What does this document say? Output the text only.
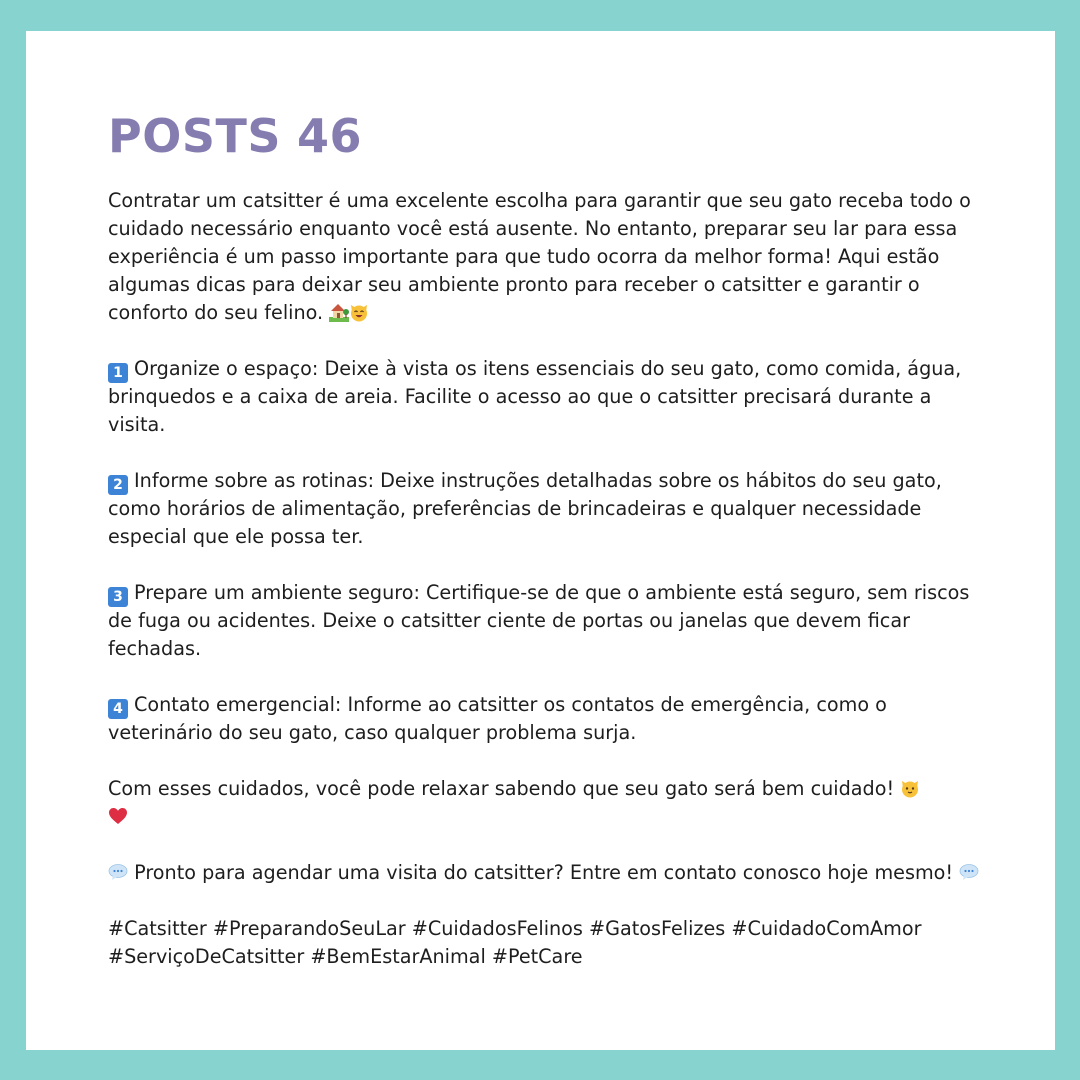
POSTS 46

Contratar um catsitter é uma excelente escolha para garantir que seu gato receba todo o cuidado necessário enquanto você está ausente. No entanto, preparar seu lar para essa experiência é um passo importante para que tudo ocorra da melhor forma! Aqui estão algumas dicas para deixar seu ambiente pronto para receber o catsitter e garantir o conforto do seu felino.

1 Organize o espaço: Deixe à vista os itens essenciais do seu gato, como comida, água, brinquedos e a caixa de areia. Facilite o acesso ao que o catsitter precisará durante a visita.

2 Informe sobre as rotinas: Deixe instruções detalhadas sobre os hábitos do seu gato, como horários de alimentação, preferências de brincadeiras e qualquer necessidade especial que ele possa ter.

3 Prepare um ambiente seguro: Certifique-se de que o ambiente está seguro, sem riscos de fuga ou acidentes. Deixe o catsitter ciente de portas ou janelas que devem ficar fechadas.

4 Contato emergencial: Informe ao catsitter os contatos de emergência, como o veterinário do seu gato, caso qualquer problema surja.

Com esses cuidados, você pode relaxar sabendo que seu gato será bem cuidado!

Pronto para agendar uma visita do catsitter? Entre em contato conosco hoje mesmo!

#Catsitter #PreparandoSeuLar #CuidadosFelinos #GatosFelizes #CuidadoComAmor #ServiçoDeCatsitter #BemEstarAnimal #PetCare
